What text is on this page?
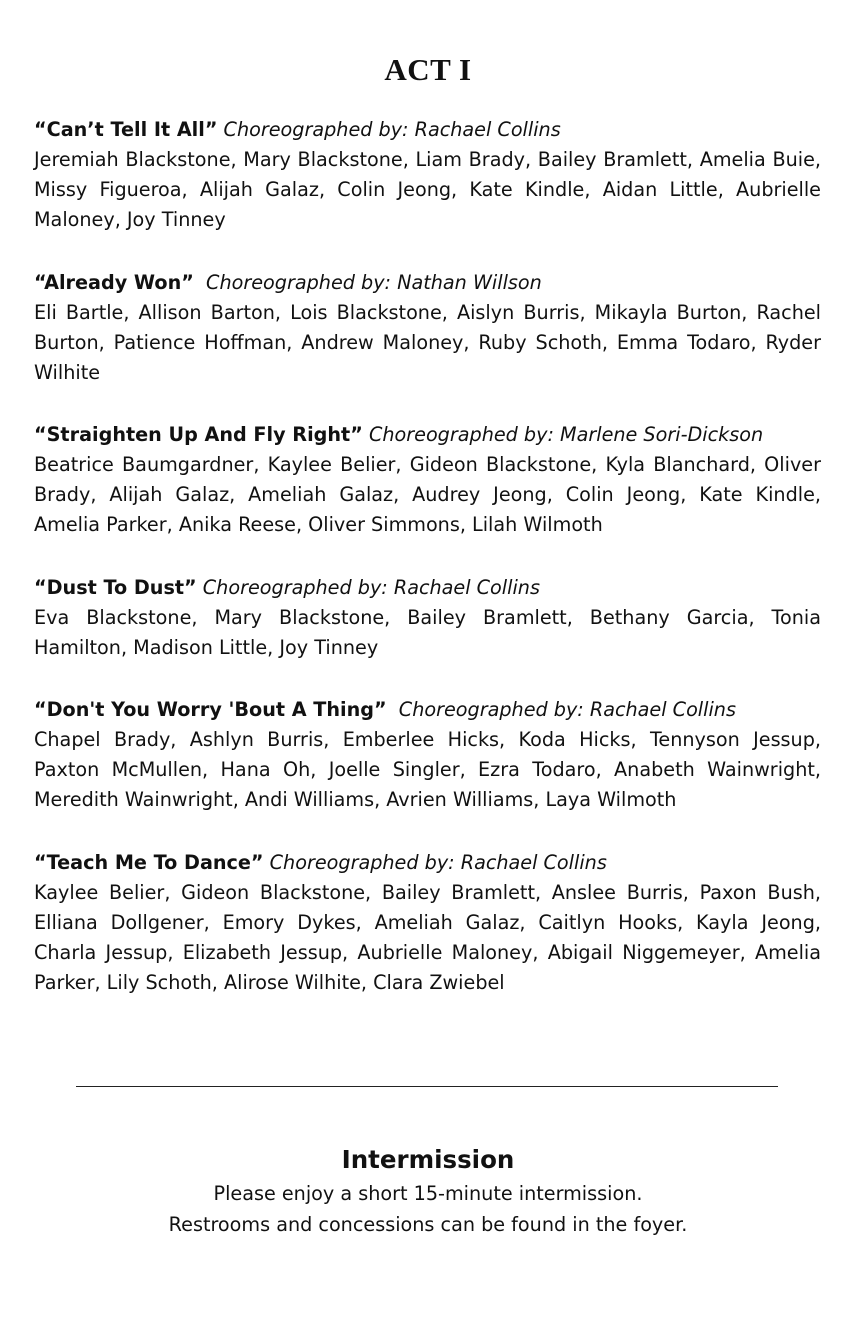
ACT I

“Can’t Tell It All” Choreographed by: Rachael Collins

Jeremiah Blackstone, Mary Blackstone, Liam Brady, Bailey Bramlett, Amelia Buie, Missy Figueroa, Alijah Galaz, Colin Jeong, Kate Kindle, Aidan Little, Aubrielle Maloney, Joy Tinney

“Already Won” Choreographed by: Nathan Willson

Eli Bartle, Allison Barton, Lois Blackstone, Aislyn Burris, Mikayla Burton, Rachel Burton, Patience Hoffman, Andrew Maloney, Ruby Schoth, Emma Todaro, Ryder Wilhite

“Straighten Up And Fly Right” Choreographed by: Marlene Sori-Dickson

Beatrice Baumgardner, Kaylee Belier, Gideon Blackstone, Kyla Blanchard, Oliver Brady, Alijah Galaz, Ameliah Galaz, Audrey Jeong, Colin Jeong, Kate Kindle, Amelia Parker, Anika Reese, Oliver Simmons, Lilah Wilmoth

“Dust To Dust” Choreographed by: Rachael Collins

Eva Blackstone, Mary Blackstone, Bailey Bramlett, Bethany Garcia, Tonia Hamilton, Madison Little, Joy Tinney

“Don't You Worry 'Bout A Thing” Choreographed by: Rachael Collins

Chapel Brady, Ashlyn Burris, Emberlee Hicks, Koda Hicks, Tennyson Jessup, Paxton McMullen, Hana Oh, Joelle Singler, Ezra Todaro, Anabeth Wainwright, Meredith Wainwright, Andi Williams, Avrien Williams, Laya Wilmoth

“Teach Me To Dance” Choreographed by: Rachael Collins

Kaylee Belier, Gideon Blackstone, Bailey Bramlett, Anslee Burris, Paxon Bush, Elliana Dollgener, Emory Dykes, Ameliah Galaz, Caitlyn Hooks, Kayla Jeong, Charla Jessup, Elizabeth Jessup, Aubrielle Maloney, Abigail Niggemeyer, Amelia Parker, Lily Schoth, Alirose Wilhite, Clara Zwiebel

Intermission

Please enjoy a short 15-minute intermission.

Restrooms and concessions can be found in the foyer.
